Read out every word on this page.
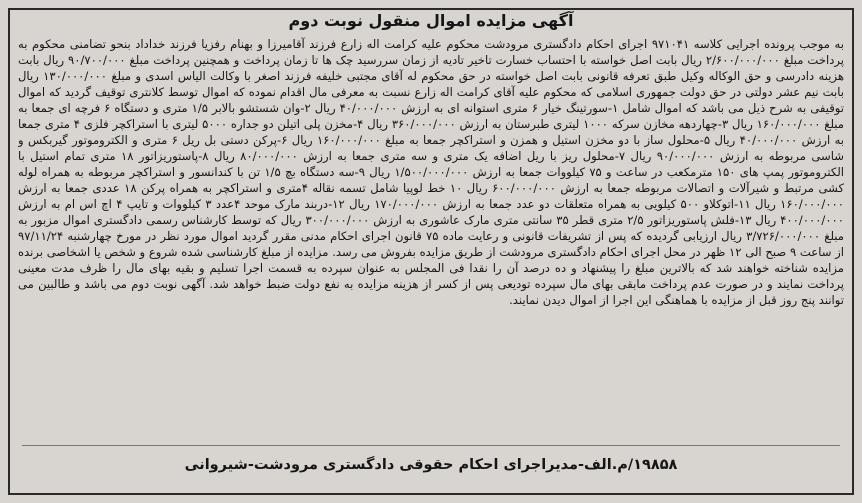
آگهی مزایده اموال منقول نوبت دوم

به موجب پرونده اجرایی کلاسه ۹۷۱۰۴۱ اجرای احکام دادگستری مرودشت محکوم علیه کرامت اله زارع فرزند آقامیرزا و بهنام رفزیا فرزند خداداد بنحو تضامنی محکوم به پرداخت مبلغ ۲/۶۰۰/۰۰۰/۰۰۰ ریال بابت اصل خواسته با احتساب خسارت تاخیر تادیه از زمان سررسید چک ها تا زمان پرداخت و همچنین پرداخت مبلغ ۹۰/۷۰۰/۰۰۰ ریال بابت هزینه دادرسی و حق الوکاله وکیل طبق تعرفه قانونی بابت اصل خواسته در حق محکوم له آقای مجتبی خلیفه فرزند اصغر با وکالت الیاس اسدی و مبلغ ۱۳۰/۰۰۰/۰۰۰ ریال بابت نیم عشر دولتی در حق دولت جمهوری اسلامی که محکوم علیه آقای کرامت اله زارع نسبت به معرفی مال اقدام نموده که اموال توسط کلانتری توقیف گردید که اموال توقیفی به شرح ذیل می باشد که اموال شامل ۱-سورتینگ خیار ۶ متری استوانه ای به ارزش ۴۰/۰۰۰/۰۰۰ ریال ۲-وان شستشو بالابر ۱/۵ متری و دستگاه ۶ فرچه ای جمعا به مبلغ ۱۶۰/۰۰۰/۰۰۰ ریال ۳-چهاردهه مخازن سرکه ۱۰۰۰ لیتری طبرستان به ارزش ۳۶۰/۰۰۰/۰۰۰ ریال ۴-مخزن پلی اتیلن دو جداره ۵۰۰۰ لیتری با استراکچر فلزی ۴ متری جمعا به ارزش ۴۰/۰۰۰/۰۰۰ ریال ۵-محلول ساز با دو مخزن استیل و همزن و استراکچر جمعا به مبلغ ۱۶۰/۰۰۰/۰۰۰ ریال ۶-پرکن دستی بل ریل ۶ متری و الکتروموتور گیربکس و شاسی مربوطه به ارزش ۹۰/۰۰۰/۰۰۰ ریال ۷-محلول ریز با ریل اضافه یک متری و سه متری جمعا به ارزش ۸۰/۰۰۰/۰۰۰ ریال ۸-پاستوریزاتور ۱۸ متری تمام استیل با الکتروموتور پمپ های ۱۵۰ مترمکعب در ساعت و ۷۵ کیلووات جمعا به ارزش ۱/۵۰۰/۰۰۰/۰۰۰ ریال ۹-سه دستگاه بچ ۱/۵ تن با کندانسور و استراکچر مربوطه به همراه لوله کشی مرتبط و شیرآلات و اتصالات مربوطه جمعا به ارزش ۶۰۰/۰۰۰/۰۰۰ ریال ۱۰ خط لوپیا شامل تسمه نقاله ۴متری و استراکچر به همراه پرکن ۱۸ عددی جمعا به ارزش ۱۶۰/۰۰۰/۰۰۰ ریال ۱۱-اتوکلاو ۵۰۰ کیلویی به همراه متعلقات دو عدد جمعا به ارزش ۱۷۰/۰۰۰/۰۰۰ ریال ۱۲-دربند مارک موحد ۴عدد ۳ کیلووات و تایپ ۴ اچ اس ام به ارزش ۴۰۰/۰۰۰/۰۰۰ ریال ۱۳-فلش پاستوریزاتور ۲/۵ متری قطر ۳۵ سانتی متری مارک عاشوری به ارزش ۳۰۰/۰۰۰/۰۰۰ ریال که توسط کارشناس رسمی دادگستری اموال مزبور به مبلغ ۳/۷۲۶/۰۰۰/۰۰۰ ریال ارزیابی گردیده که پس از تشریفات قانونی و رعایت ماده ۷۵ قانون اجرای احکام مدنی مقرر گردید اموال مورد نظر در مورخ چهارشنبه ۹۷/۱۱/۲۴ از ساعت ۹ صبح الی ۱۲ ظهر در محل اجرای احکام دادگستری مرودشت از طریق مزایده بفروش می رسد. مزایده از مبلغ کارشناسی شده شروع و شخص یا اشخاصی برنده مزایده شناخته خواهند شد که بالاترین مبلغ را پیشنهاد و ده درصد آن را نقدا فی المجلس به عنوان سپرده به قسمت اجرا تسلیم و بقیه بهای مال را ظرف مدت معینی پرداخت نمایند و در صورت عدم پرداخت مابقی بهای مال سپرده تودیعی پس از کسر از هزینه مزایده به نفع دولت ضبط خواهد شد. آگهی نوبت دوم می باشد و طالبین می توانند پنج روز قبل از مزایده با هماهنگی این اجرا از اموال دیدن نمایند.

۱۹۸۵۸/م.الف-مدیراجرای احکام حقوقی دادگستری مرودشت-شیروانی
